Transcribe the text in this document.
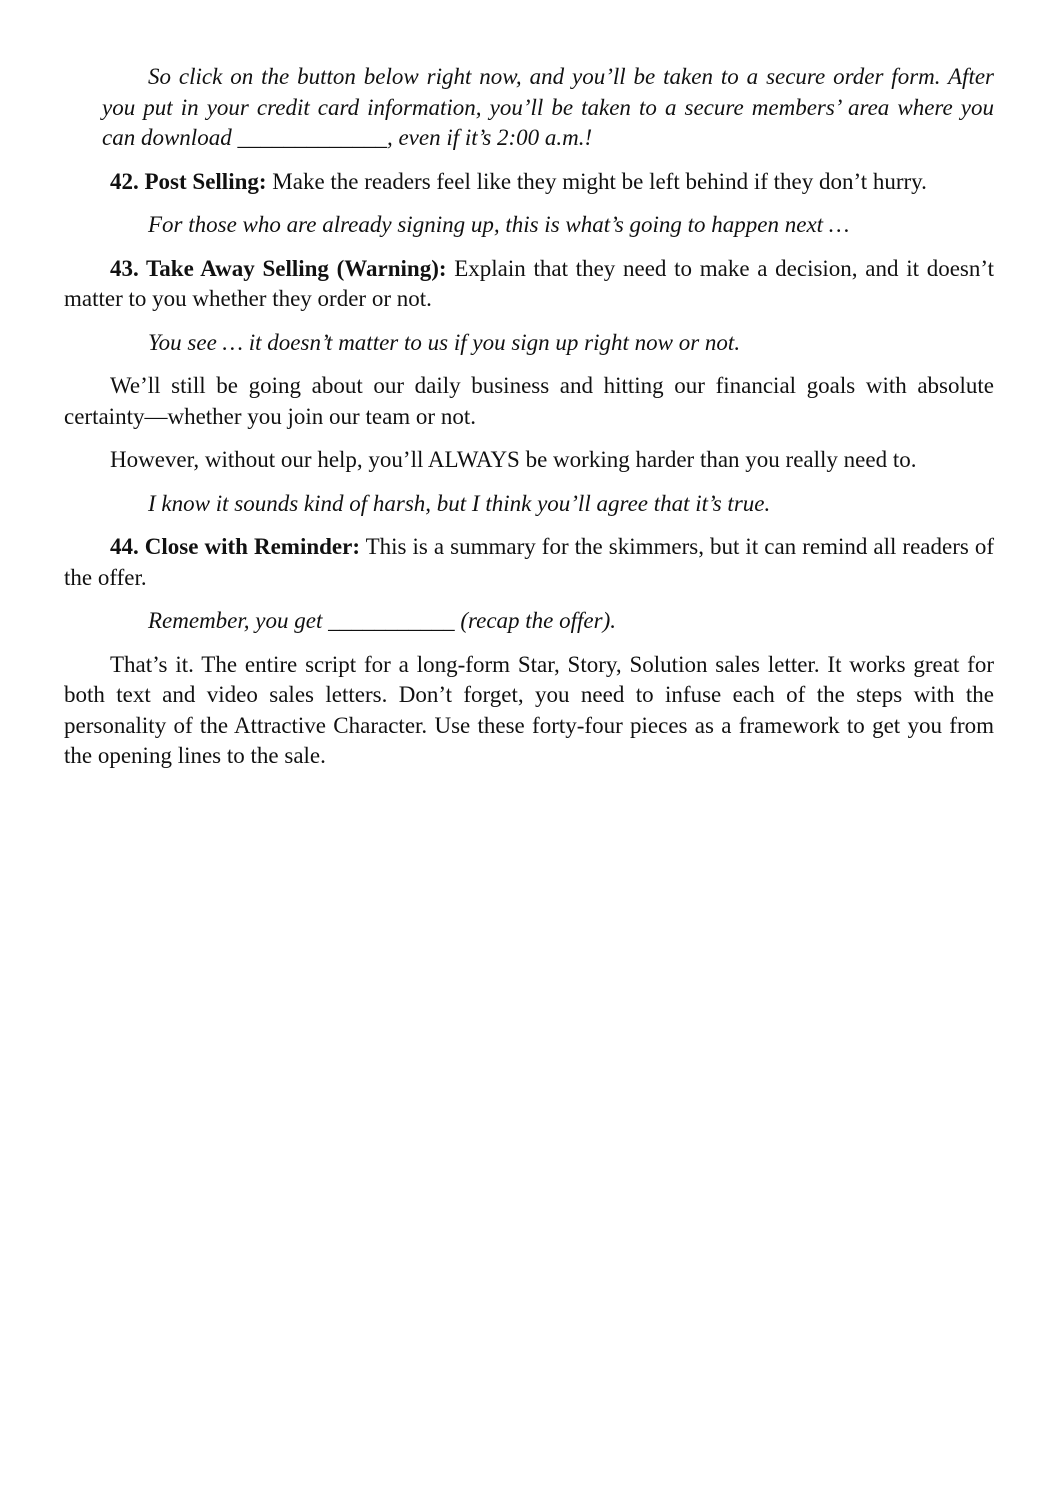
So click on the button below right now, and you’ll be taken to a secure order form. After you put in your credit card information, you’ll be taken to a secure members’ area where you can download _____________, even if it’s 2:00 a.m.!

42. Post Selling: Make the readers feel like they might be left behind if they don’t hurry.

For those who are already signing up, this is what’s going to happen next …

43. Take Away Selling (Warning): Explain that they need to make a decision, and it doesn’t matter to you whether they order or not.

You see … it doesn’t matter to us if you sign up right now or not.

We’ll still be going about our daily business and hitting our financial goals with absolute certainty—whether you join our team or not.

However, without our help, you’ll ALWAYS be working harder than you really need to.

I know it sounds kind of harsh, but I think you’ll agree that it’s true.

44. Close with Reminder: This is a summary for the skimmers, but it can remind all readers of the offer.

Remember, you get ___________ (recap the offer).

That’s it. The entire script for a long-form Star, Story, Solution sales letter. It works great for both text and video sales letters. Don’t forget, you need to infuse each of the steps with the personality of the Attractive Character. Use these forty-four pieces as a framework to get you from the opening lines to the sale.
